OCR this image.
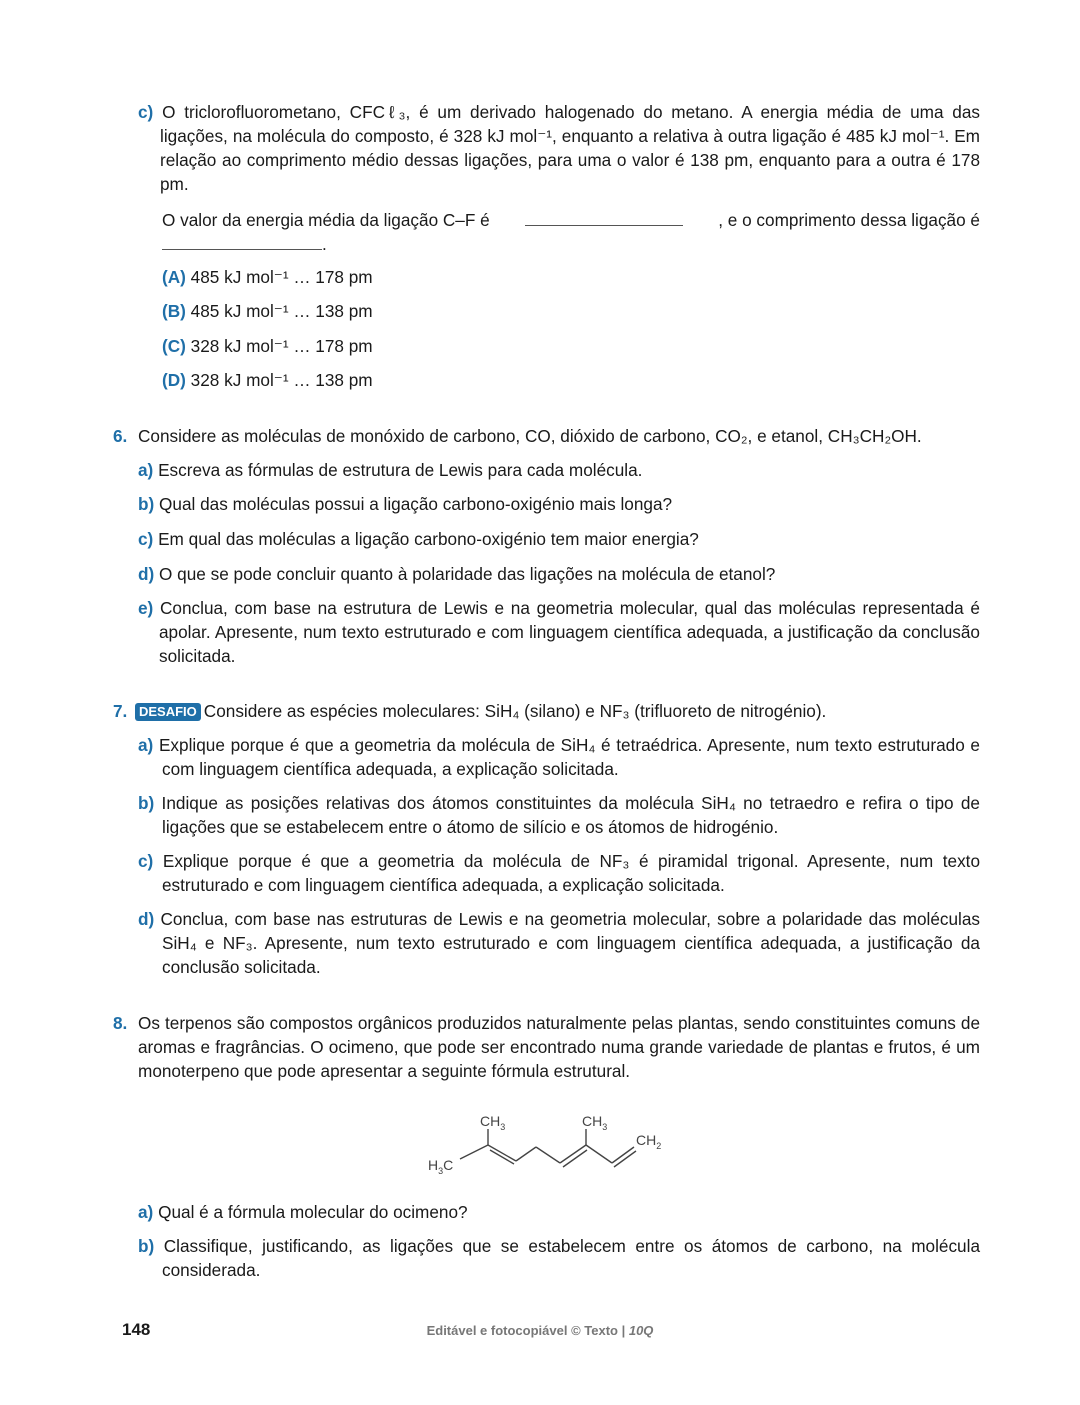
c) O triclorofluorometano, CFCℓ₃, é um derivado halogenado do metano. A energia média de uma das ligações, na molécula do composto, é 328 kJ mol⁻¹, enquanto a relativa à outra ligação é 485 kJ mol⁻¹. Em relação ao comprimento médio dessas ligações, para uma o valor é 138 pm, enquanto para a outra é 178 pm.
O valor da energia média da ligação C–F é	, e o comprimento dessa ligação é
.
(A) 485 kJ mol⁻¹ … 178 pm
(B) 485 kJ mol⁻¹ … 138 pm
(C) 328 kJ mol⁻¹ … 178 pm
(D) 328 kJ mol⁻¹ … 138 pm
6. Considere as moléculas de monóxido de carbono, CO, dióxido de carbono, CO₂, e etanol, CH₃CH₂OH.
a) Escreva as fórmulas de estrutura de Lewis para cada molécula.
b) Qual das moléculas possui a ligação carbono-oxigénio mais longa?
c) Em qual das moléculas a ligação carbono-oxigénio tem maior energia?
d) O que se pode concluir quanto à polaridade das ligações na molécula de etanol?
e) Conclua, com base na estrutura de Lewis e na geometria molecular, qual das moléculas representada é apolar. Apresente, num texto estruturado e com linguagem científica adequada, a justificação da conclusão solicitada.
7. DESAFIO Considere as espécies moleculares: SiH₄ (silano) e NF₃ (trifluoreto de nitrogénio).
a) Explique porque é que a geometria da molécula de SiH₄ é tetraédrica. Apresente, num texto estruturado e com linguagem científica adequada, a explicação solicitada.
b) Indique as posições relativas dos átomos constituintes da molécula SiH₄ no tetraedro e refira o tipo de ligações que se estabelecem entre o átomo de silício e os átomos de hidrogénio.
c) Explique porque é que a geometria da molécula de NF₃ é piramidal trigonal. Apresente, num texto estruturado e com linguagem científica adequada, a explicação solicitada.
d) Conclua, com base nas estruturas de Lewis e na geometria molecular, sobre a polaridade das moléculas SiH₄ e NF₃. Apresente, num texto estruturado e com linguagem científica adequada, a justificação da conclusão solicitada.
8. Os terpenos são compostos orgânicos produzidos naturalmente pelas plantas, sendo constituintes comuns de aromas e fragrâncias. O ocimeno, que pode ser encontrado numa grande variedade de plantas e frutos, é um monoterpeno que pode apresentar a seguinte fórmula estrutural.
$H_3C$
$CH_3$	$CH_3$
$CH_2$
a) Qual é a fórmula molecular do ocimeno?
b) Classifique, justificando, as ligações que se estabelecem entre os átomos de carbono, na molécula considerada.
148	Editável e fotocopiável © Texto | 10Q
